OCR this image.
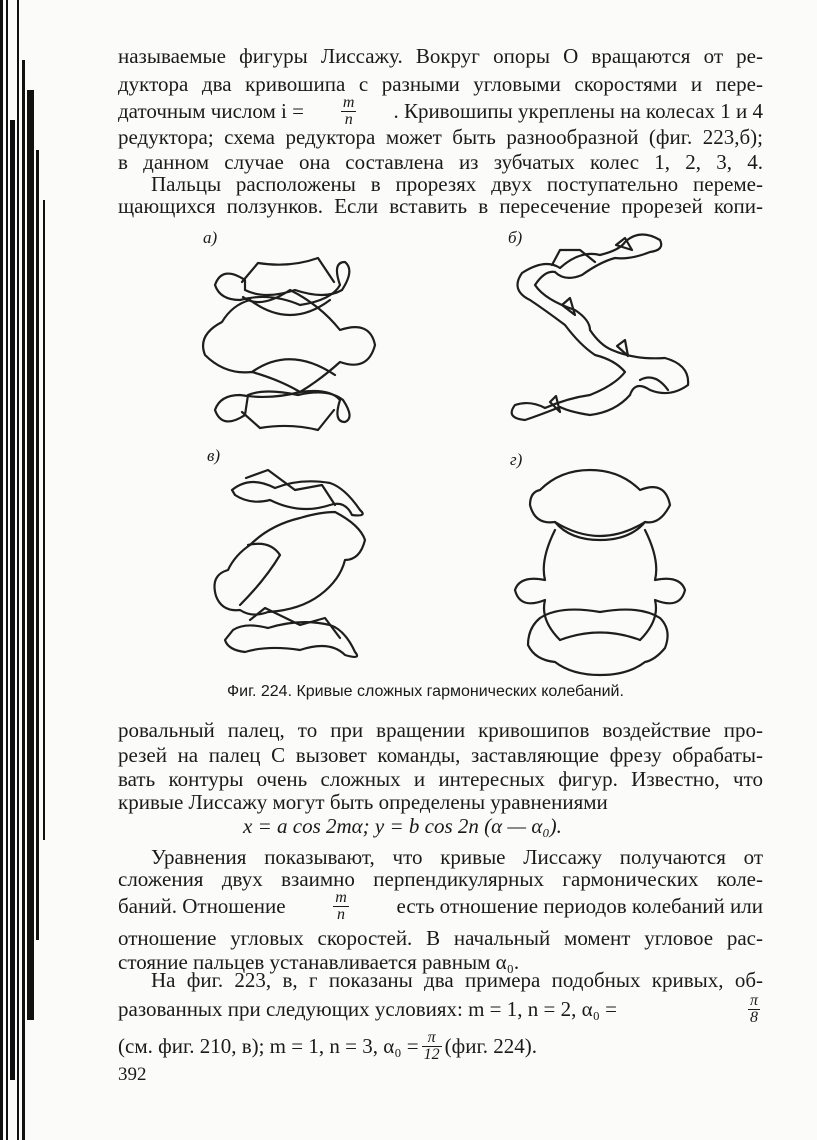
называемые фигуры Лиссажу. Вокруг опоры О вращаются от ре-
дуктора два кривошипа с разными угловыми скоростями и пере-
даточным числом $i = \frac{m}{n}$ . Кривошипы укреплены на колесах 1 и 4
редуктора; схема редуктора может быть разнообразной (фиг. 223,б);
в данном случае она составлена из зубчатых колес 1, 2, 3, 4.
Пальцы расположены в прорезях двух поступательно переме-
щающихся ползунков. Если вставить в пересечение прорезей копи-
а)	б)
в)	г)
Фиг. 224. Кривые сложных гармонических колебаний.
ровальный палец, то при вращении кривошипов воздействие про-
резей на палец С вызовет команды, заставляющие фрезу обрабаты-
вать контуры очень сложных и интересных фигур. Известно, что
кривые Лиссажу могут быть определены уравнениями
x = a cos 2mα; y = b cos 2n (α — α₀).
Уравнения показывают, что кривые Лиссажу получаются от
сложения двух взаимно перпендикулярных гармонических коле-
баний. Отношение	$\frac{m}{n}$ есть отношение периодов колебаний или
отношение угловых скоростей. В начальный момент угловое рас-
стояние пальцев устанавливается равным α₀.
На фиг. 223, в, г показаны два примера подобных кривых, об-
разованных при следующих условиях: m = 1, n = 2, α₀ =	$\frac{\pi}{8}$
(см. фиг. 210, в); m = 1, n = 3, $\alpha_0 = \frac{\pi}{12} (фиг$. 224).
392
